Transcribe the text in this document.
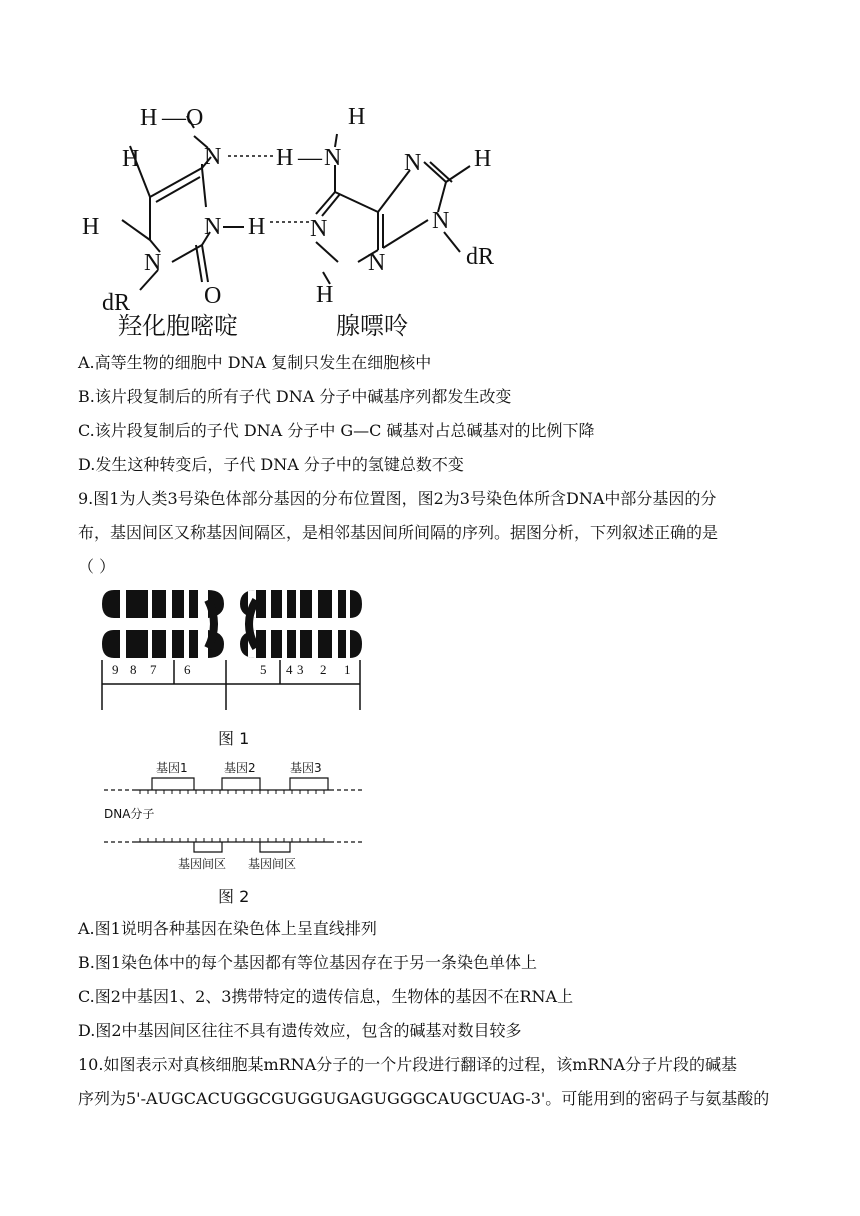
H — O
N
H
H	N H
N
O
dR
H — N
H
N H
N
dR
N
N
H
羟化胞嘧啶	腺嘌呤
A.高等生物的细胞中 DNA 复制只发生在细胞核中
B.该片段复制后的所有子代 DNA 分子中碱基序列都发生改变
C.该片段复制后的子代 DNA 分子中 G—C 碱基对占总碱基对的比例下降
D.发生这种转变后，子代 DNA 分子中的氢键总数不变
9.图1为人类3号染色体部分基因的分布位置图，图2为3号染色体所含DNA中部分基因的分
布，基因间区又称基因间隔区，是相邻基因间所间隔的序列。据图分析，下列叙述正确的是
（ ）
9 8 7 6	5 4 3 2 1
图 1
基因1	基因2	基因3
DNA分子
基因间区 基因间区
图 2
A.图1说明各种基因在染色体上呈直线排列
B.图1染色体中的每个基因都有等位基因存在于另一条染色单体上
C.图2中基因1、2、3携带特定的遗传信息，生物体的基因不在RNA上
D.图2中基因间区往往不具有遗传效应，包含的碱基对数目较多
10.如图表示对真核细胞某mRNA分子的一个片段进行翻译的过程，该mRNA分子片段的碱基
序列为5'-AUGCACUGGCGUGGUGAGUGGGCAUGCUAG-3'。可能用到的密码子与氨基酸的
